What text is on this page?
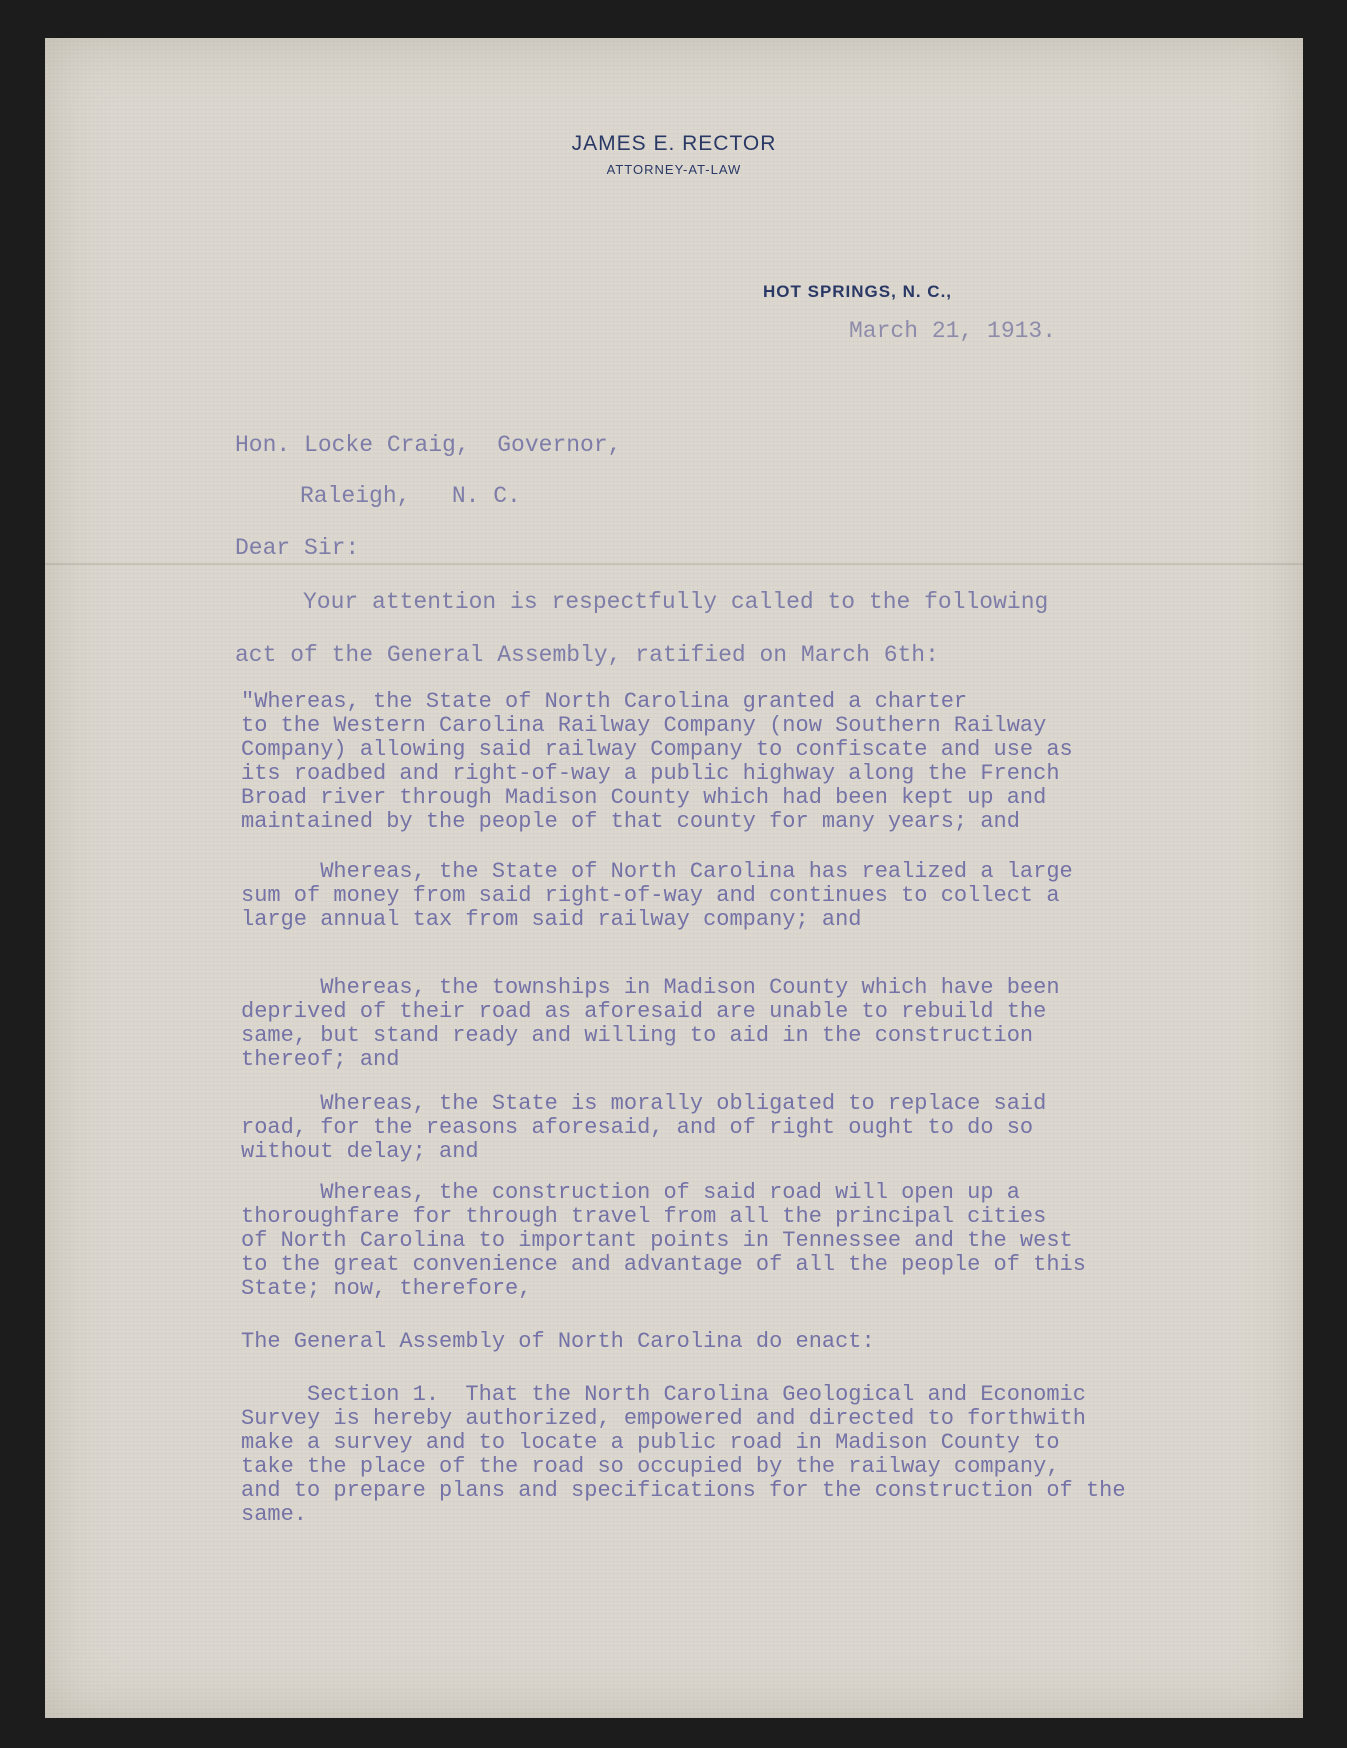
JAMES E. RECTOR
ATTORNEY-AT-LAW
HOT SPRINGS, N. C.,

March 21, 1913.

Hon. Locke Craig,  Governor,

Raleigh,   N. C.

Dear Sir:

Your attention is respectfully called to the following

act of the General Assembly, ratified on March 6th:

"Whereas, the State of North Carolina granted a charter
to the Western Carolina Railway Company (now Southern Railway
Company) allowing said railway Company to confiscate and use as
its roadbed and right-of-way a public highway along the French
Broad river through Madison County which had been kept up and
maintained by the people of that county for many years; and
Whereas, the State of North Carolina has realized a large
sum of money from said right-of-way and continues to collect a
large annual tax from said railway company; and
Whereas, the townships in Madison County which have been
deprived of their road as aforesaid are unable to rebuild the
same, but stand ready and willing to aid in the construction
thereof; and
Whereas, the State is morally obligated to replace said
road, for the reasons aforesaid, and of right ought to do so
without delay; and
Whereas, the construction of said road will open up a
thoroughfare for through travel from all the principal cities
of North Carolina to important points in Tennessee and the west
to the great convenience and advantage of all the people of this
State; now, therefore,
The General Assembly of North Carolina do enact:
Section 1.  That the North Carolina Geological and Economic
Survey is hereby authorized, empowered and directed to forthwith
make a survey and to locate a public road in Madison County to
take the place of the road so occupied by the railway company,
and to prepare plans and specifications for the construction of the
same.
